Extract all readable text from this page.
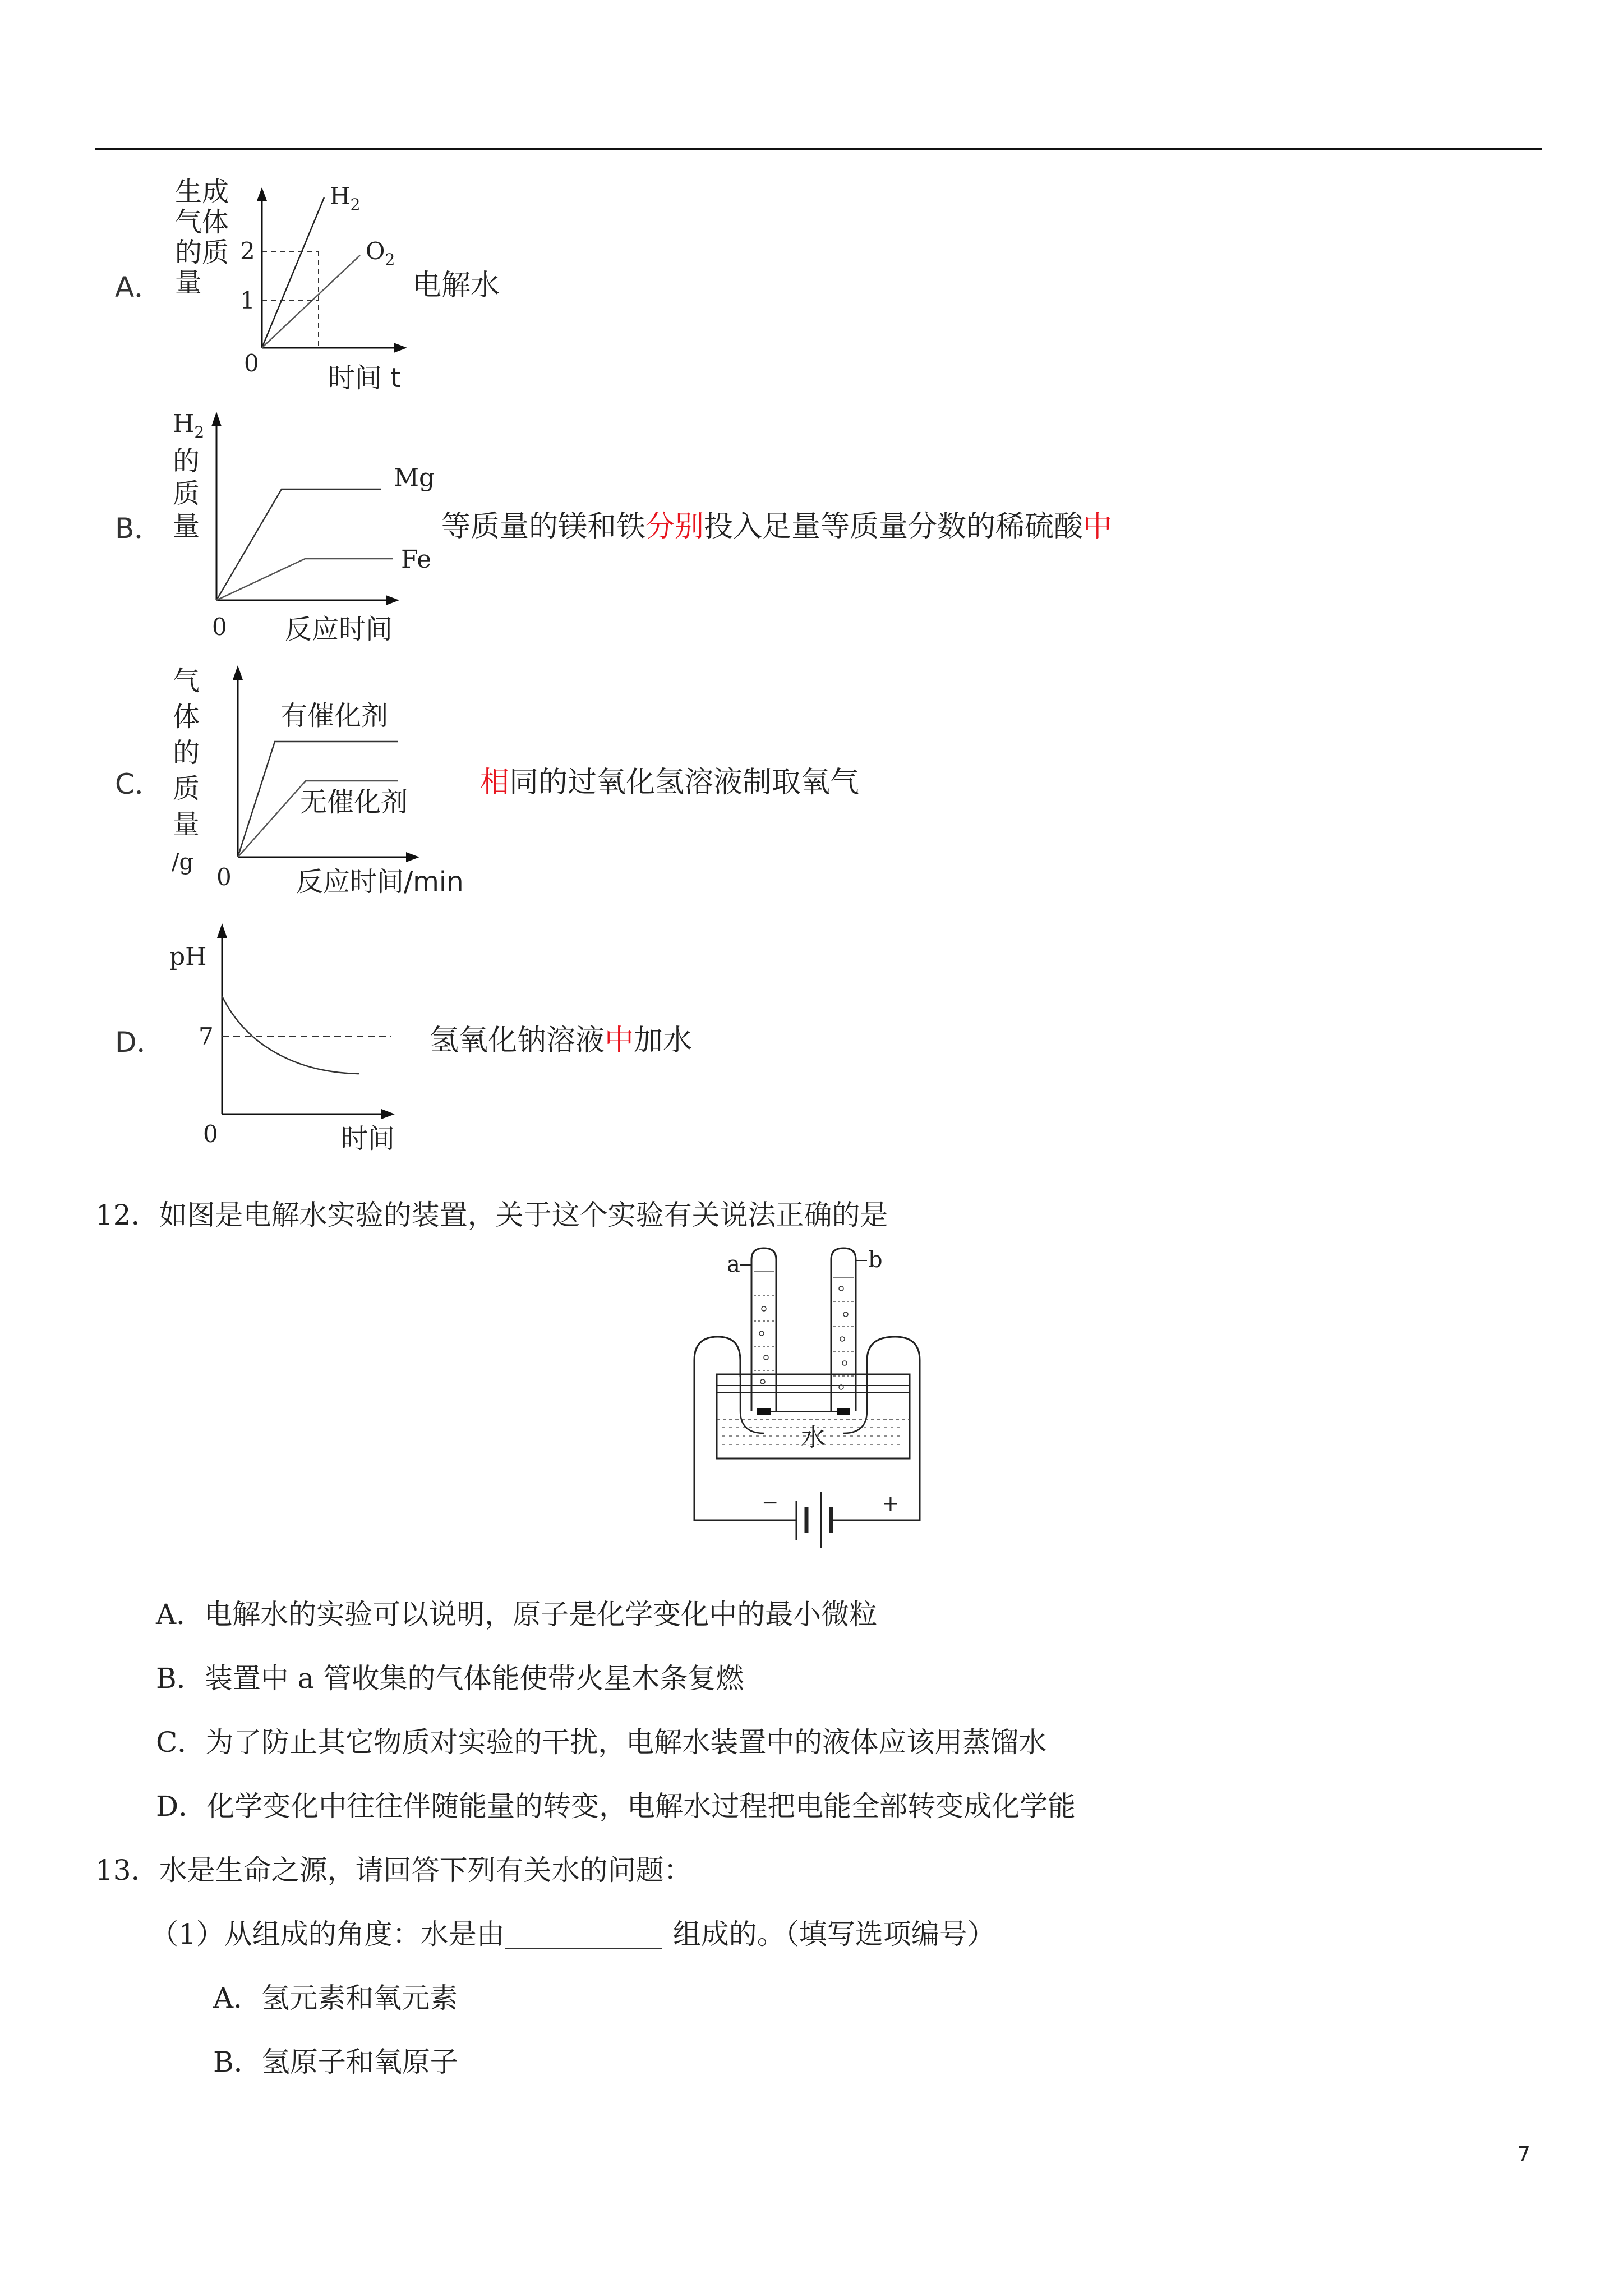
A．
生成
气体
的质
量
2
1
0
$H_2$
$O_2$
时间 t
电解水
B．
$H_2$
的
质
量
Mg
Fe
0 反应时间
等质量的镁和铁分别投入足量等质量分数的稀硫酸中
C．
气
体
的
质
量
/g
有催化剂
无催化剂
0 反应时间/min
相同的过氧化氢溶液制取氧气
D．
pH
7
0	时间
氢氧化钠溶液中加水
12．如图是电解水实验的装置，关于这个实验有关说法正确的是
a	b
水
−	+
A．电解水的实验可以说明，原子是化学变化中的最小微粒
B．装置中 a 管收集的气体能使带火星木条复燃
C．为了防止其它物质对实验的干扰，电解水装置中的液体应该用蒸馏水
D．化学变化中往往伴随能量的转变，电解水过程把电能全部转变成化学能
13．水是生命之源，请回答下列有关水的问题：
（1）从组成的角度：水是由	组成的。（填写选项编号）
A．氢元素和氧元素
B．氢原子和氧原子
7
